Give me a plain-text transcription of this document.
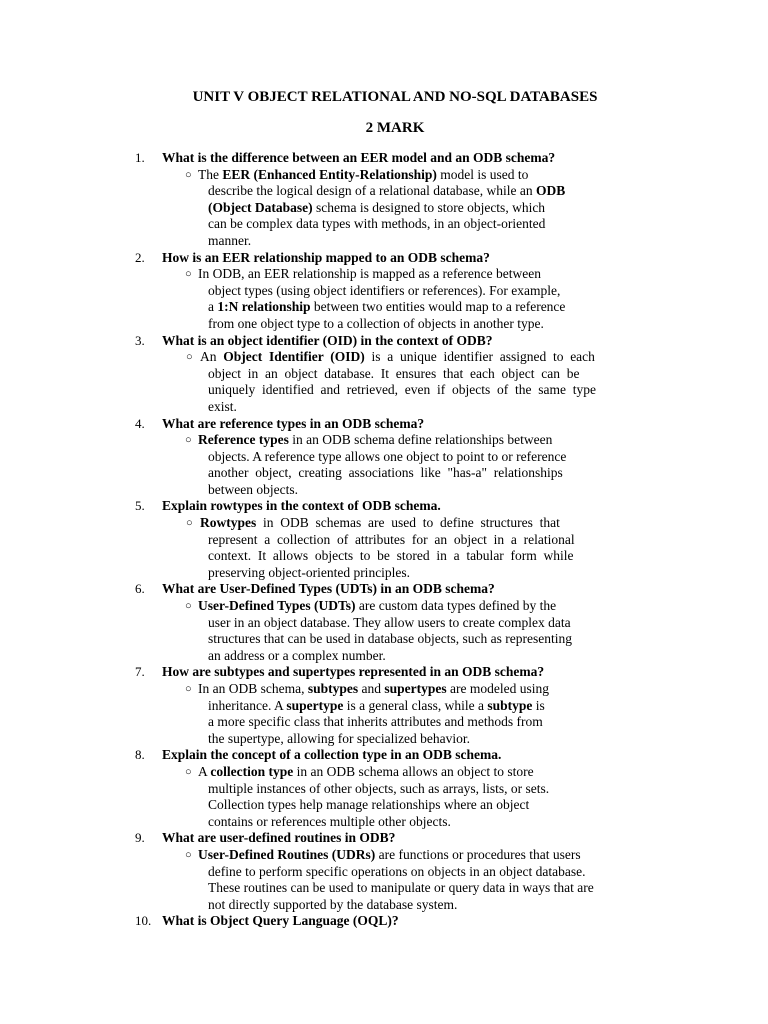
UNIT V OBJECT RELATIONAL AND NO-SQL DATABASES
2 MARK
1.	What is the difference between an EER model and an ODB schema?

○ The EER (Enhanced Entity-Relationship) model is used to
describe the logical design of a relational database, while an ODB
(Object Database) schema is designed to store objects, which
can be complex data types with methods, in an object-oriented
manner.
2.	How is an EER relationship mapped to an ODB schema?

○ In ODB, an EER relationship is mapped as a reference between
object types (using object identifiers or references). For example,
a 1:N relationship between two entities would map to a reference
from one object type to a collection of objects in another type.
3.	What is an object identifier (OID) in the context of ODB?

○ An  Object  Identifier  (OID)  is  a  unique  identifier  assigned  to  each
object  in  an  object  database.  It  ensures  that  each  object  can  be
uniquely  identified  and  retrieved,  even  if  objects  of  the  same  type
exist.
4.	What are reference types in an ODB schema?

○ Reference types in an ODB schema define relationships between
objects. A reference type allows one object to point to or reference
another  object,  creating  associations  like  "has-a"  relationships
between objects.
5.	Explain rowtypes in the context of ODB schema.

○ Rowtypes  in  ODB  schemas  are  used  to  define  structures  that
represent  a  collection  of  attributes  for  an  object  in  a  relational
context.  It  allows  objects  to  be  stored  in  a  tabular  form  while
preserving object-oriented principles.
6.	What are User-Defined Types (UDTs) in an ODB schema?

○ User-Defined Types (UDTs) are custom data types defined by the
user in an object database. They allow users to create complex data
structures that can be used in database objects, such as representing
an address or a complex number.
7.	How are subtypes and supertypes represented in an ODB schema?

○ In an ODB schema, subtypes and supertypes are modeled using
inheritance. A supertype is a general class, while a subtype is
a more specific class that inherits attributes and methods from
the supertype, allowing for specialized behavior.
8.	Explain the concept of a collection type in an ODB schema.

○ A collection type in an ODB schema allows an object to store
multiple instances of other objects, such as arrays, lists, or sets.
Collection types help manage relationships where an object
contains or references multiple other objects.
9.	What are user-defined routines in ODB?

○ User-Defined Routines (UDRs) are functions or procedures that users
define to perform specific operations on objects in an object database.
These routines can be used to manipulate or query data in ways that are
not directly supported by the database system.
10. What is Object Query Language (OQL)?
